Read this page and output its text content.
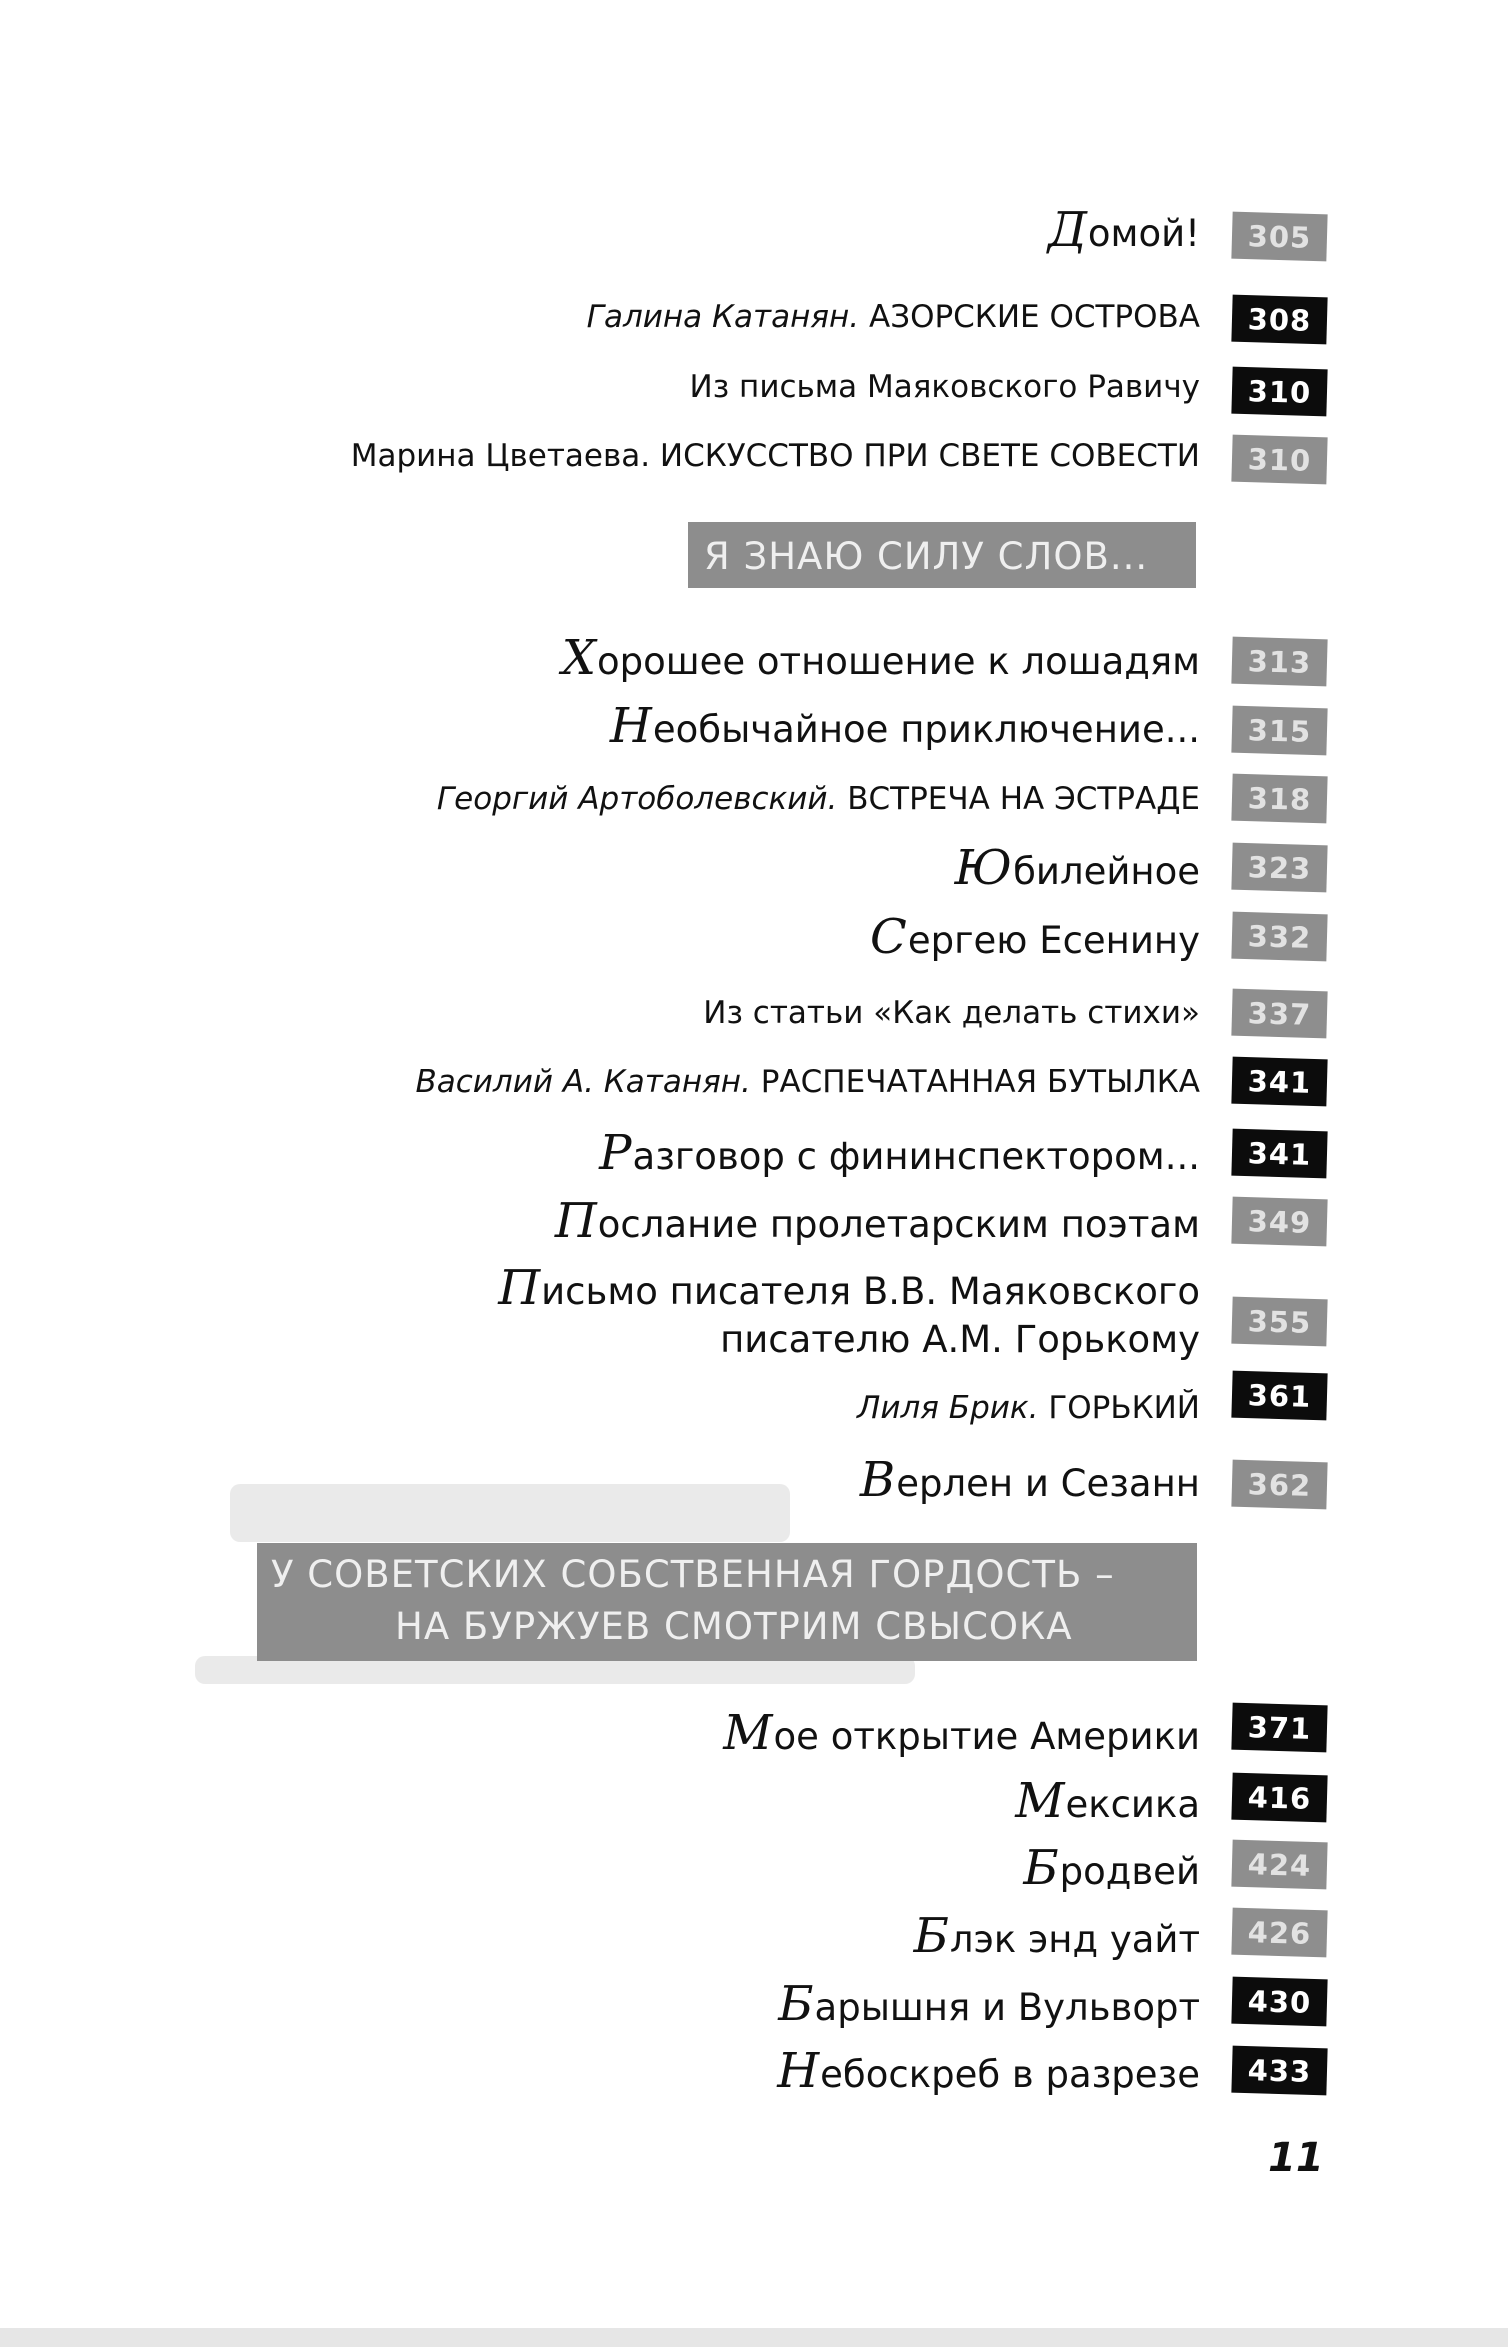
Домой!	305
Галина Катанян. АЗОРСКИЕ ОСТРОВА	308
Из письма Маяковского Равичу	310
Марина Цветаева. ИСКУССТВО ПРИ СВЕТЕ СОВЕСТИ	310
Я ЗНАЮ СИЛУ СЛОВ...
Хорошее отношение к лошадям	313
Необычайное приключение...	315
Георгий Артоболевский. ВСТРЕЧА НА ЭСТРАДЕ	318
Юбилейное	323
Сергею Есенину	332
Из статьи «Как делать стихи»	337
Василий А. Катанян. РАСПЕЧАТАННАЯ БУТЫЛКА	341
Разговор с фининспектором...	341
Послание пролетарским поэтам	349
Письмо писателя В.В. Маяковского
писателю А.М. Горькому	355
Лиля Брик. ГОРЬКИЙ	361
Верлен и Сезанн	362
У СОВЕТСКИХ СОБСТВЕННАЯ ГОРДОСТЬ –
НА БУРЖУЕВ СМОТРИМ СВЫСОКА
Мое открытие Америки	371
Мексика	416
Бродвей	424
Блэк энд уайт	426
Барышня и Вульворт	430
Небоскреб в разрезе	433
11
